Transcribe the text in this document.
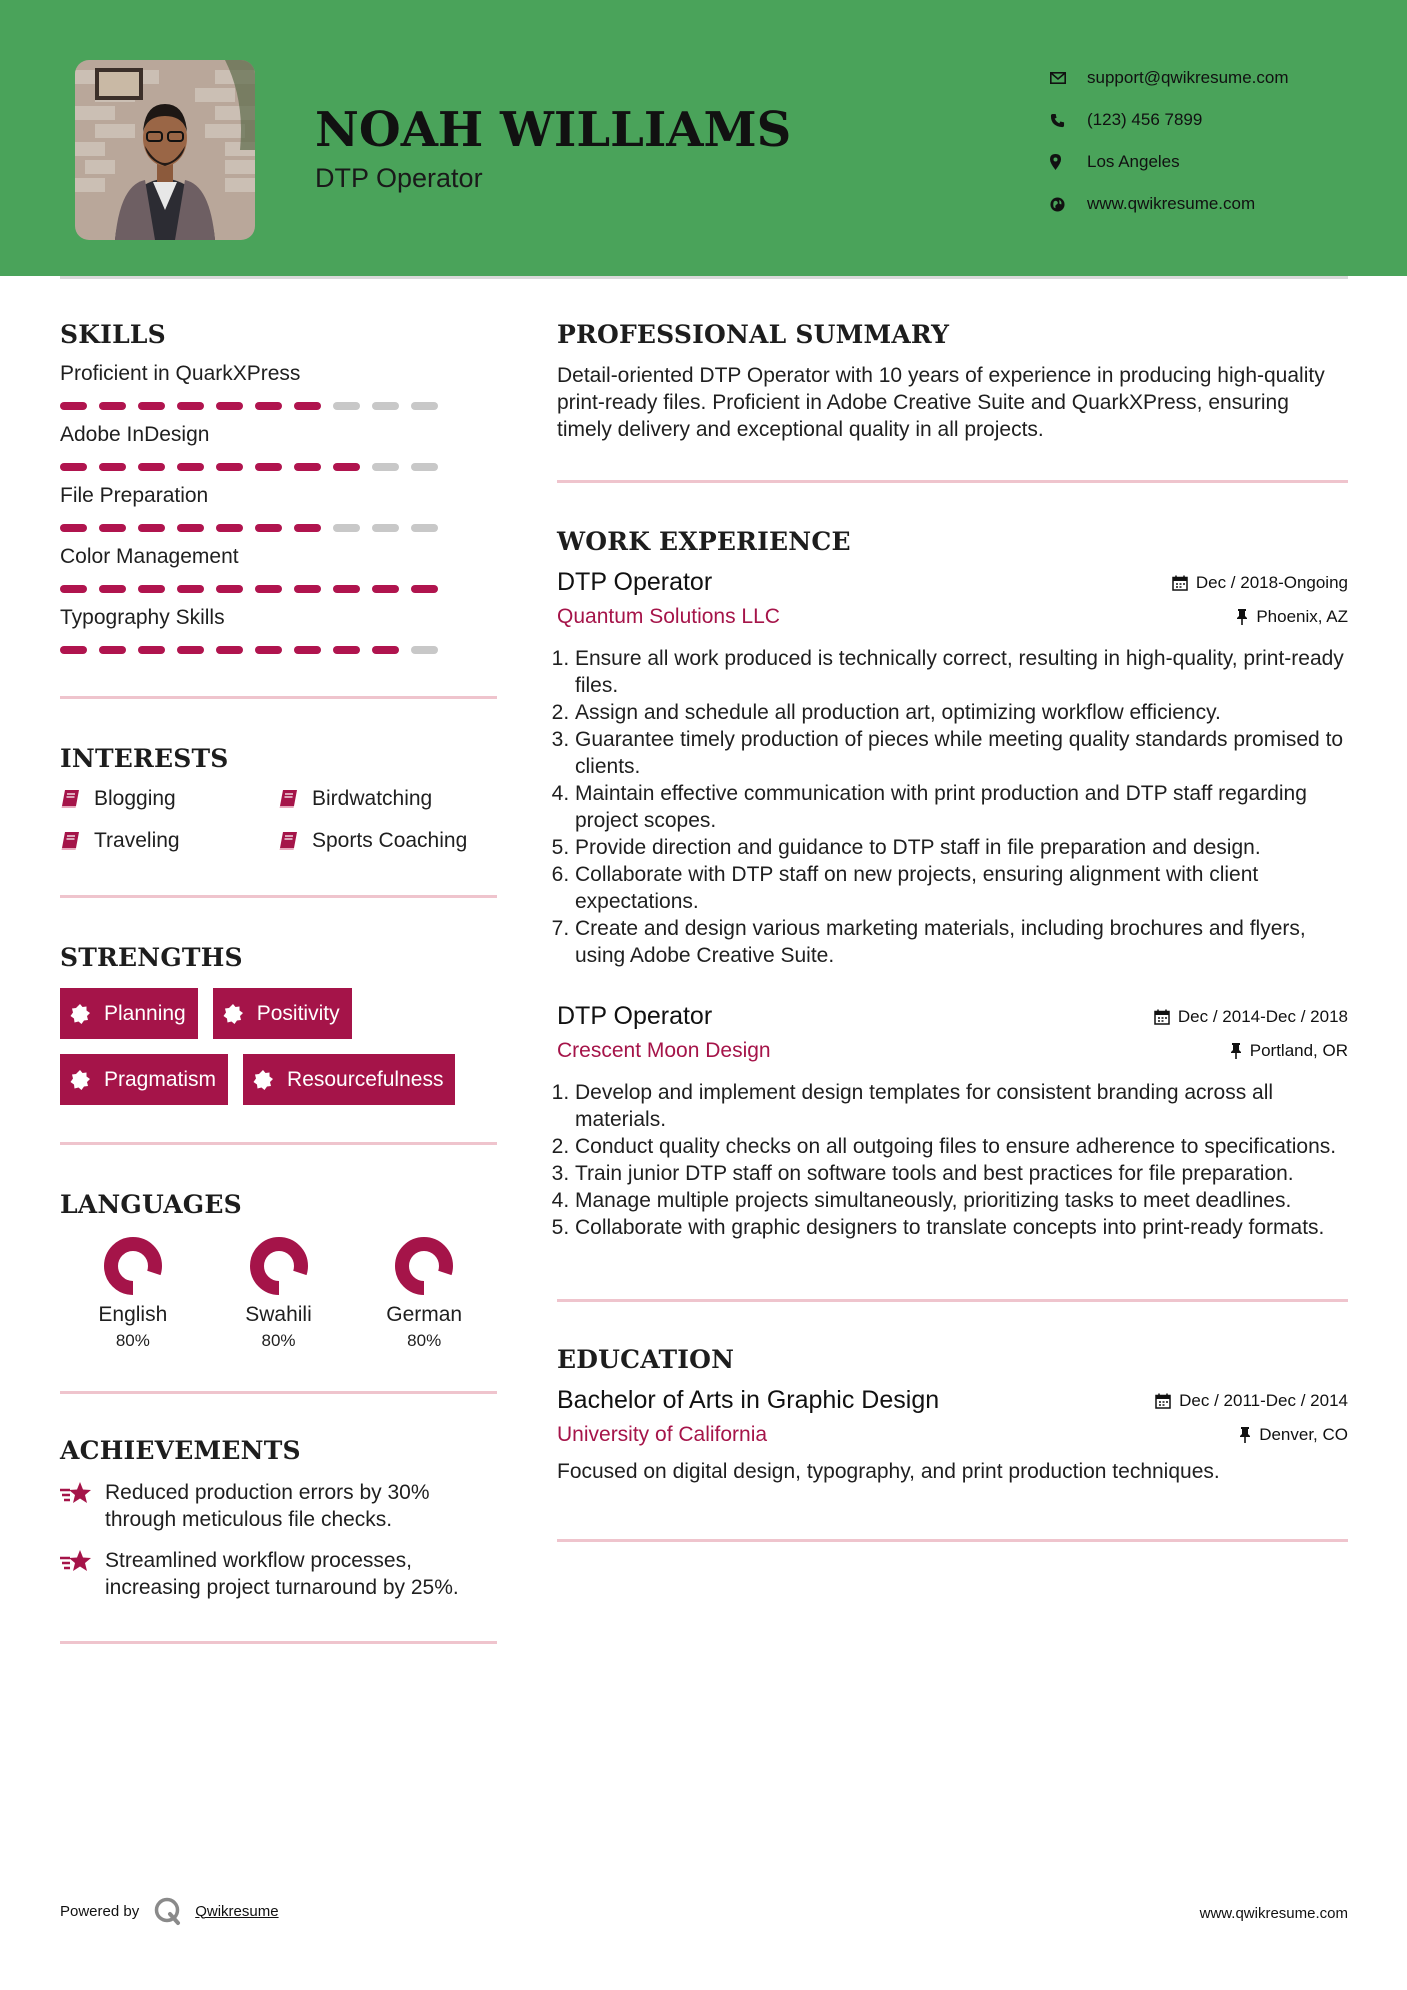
NOAH WILLIAMS
DTP Operator
support@qwikresume.com
(123) 456 7899
Los Angeles
www.qwikresume.com
SKILLS
Proficient in QuarkXPress
Adobe InDesign
File Preparation
Color Management
Typography Skills
INTERESTS
Blogging	Birdwatching
Traveling	Sports Coaching
STRENGTHS
Planning	Positivity
Pragmatism	Resourcefulness
LANGUAGES
English
80%
Swahili
80%
German
80%
ACHIEVEMENTS
Reduced production errors by 30% through meticulous file checks.
Streamlined workflow processes, increasing project turnaround by 25%.
PROFESSIONAL SUMMARY

Detail-oriented DTP Operator with 10 years of experience in producing high-quality print-ready files. Proficient in Adobe Creative Suite and QuarkXPress, ensuring timely delivery and exceptional quality in all projects.

WORK EXPERIENCE
DTP Operator	Dec / 2018-Ongoing
Quantum Solutions LLC	Phoenix, AZ
1. Ensure all work produced is technically correct, resulting in high-quality, print-ready files.
2. Assign and schedule all production art, optimizing workflow efficiency.
3. Guarantee timely production of pieces while meeting quality standards promised to clients.
4. Maintain effective communication with print production and DTP staff regarding project scopes.
5. Provide direction and guidance to DTP staff in file preparation and design.
6. Collaborate with DTP staff on new projects, ensuring alignment with client expectations.
7. Create and design various marketing materials, including brochures and flyers, using Adobe Creative Suite.
DTP Operator	Dec / 2014-Dec / 2018
Crescent Moon Design	Portland, OR
1. Develop and implement design templates for consistent branding across all materials.
2. Conduct quality checks on all outgoing files to ensure adherence to specifications.
3. Train junior DTP staff on software tools and best practices for file preparation.
4. Manage multiple projects simultaneously, prioritizing tasks to meet deadlines.
5. Collaborate with graphic designers to translate concepts into print-ready formats.
EDUCATION
Bachelor of Arts in Graphic Design	Dec / 2011-Dec / 2014
University of California	Denver, CO

Focused on digital design, typography, and print production techniques.

Powered by	Qwikresume	www.qwikresume.com
